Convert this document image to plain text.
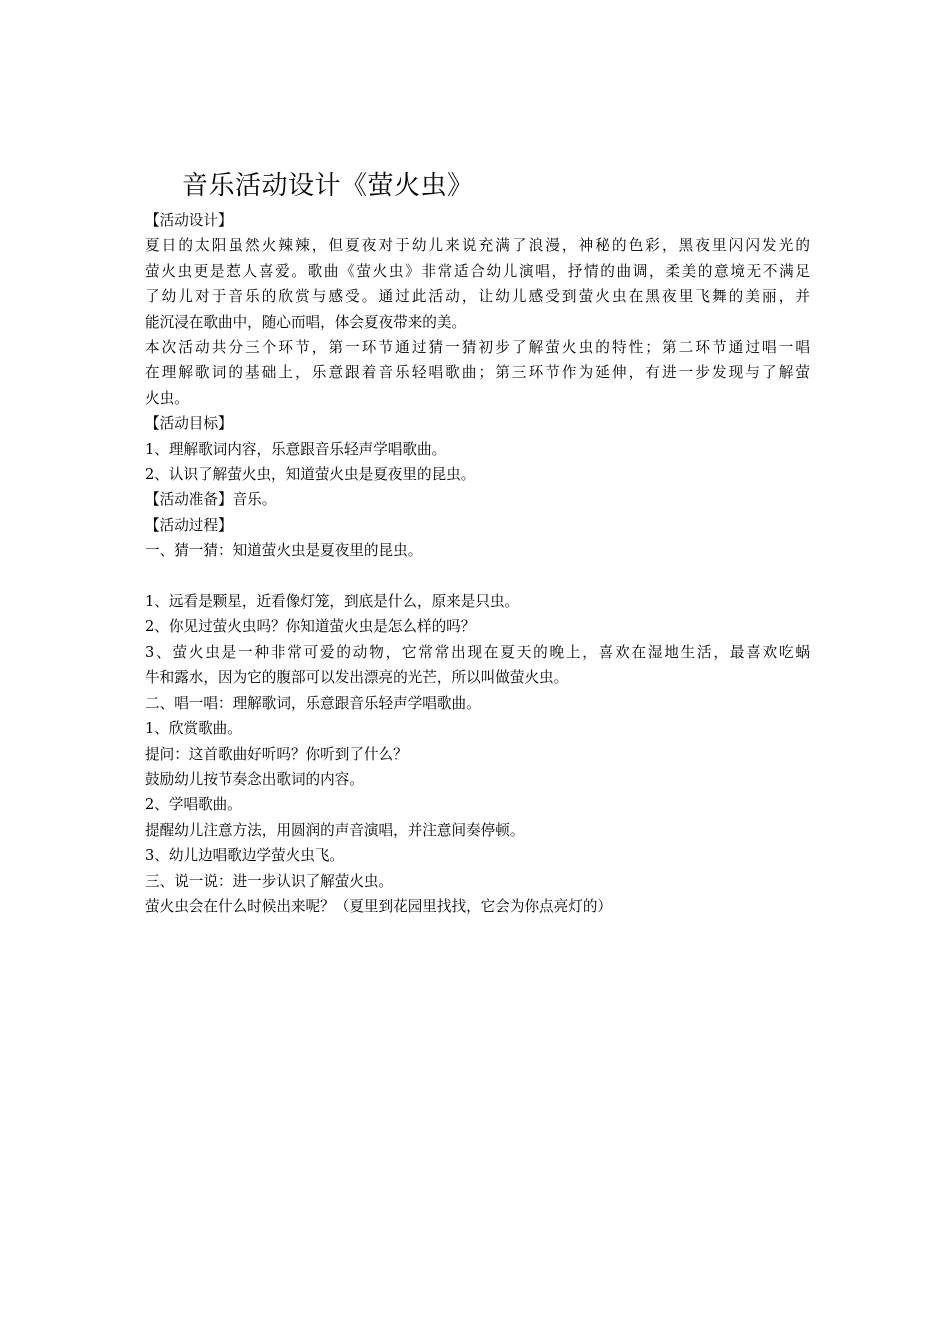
音乐活动设计《萤火虫》

【活动设计】

夏日的太阳虽然火辣辣，但夏夜对于幼儿来说充满了浪漫，神秘的色彩，黑夜里闪闪发光的

萤火虫更是惹人喜爱。歌曲《萤火虫》非常适合幼儿演唱，抒情的曲调，柔美的意境无不满足

了幼儿对于音乐的欣赏与感受。通过此活动，让幼儿感受到萤火虫在黑夜里飞舞的美丽，并

能沉浸在歌曲中，随心而唱，体会夏夜带来的美。

本次活动共分三个环节，第一环节通过猜一猜初步了解萤火虫的特性；第二环节通过唱一唱

在理解歌词的基础上，乐意跟着音乐轻唱歌曲；第三环节作为延伸，有进一步发现与了解萤

火虫。

【活动目标】

1、理解歌词内容，乐意跟音乐轻声学唱歌曲。

2、认识了解萤火虫，知道萤火虫是夏夜里的昆虫。

【活动准备】音乐。

【活动过程】

一、猜一猜：知道萤火虫是夏夜里的昆虫。

1、远看是颗星，近看像灯笼，到底是什么，原来是只虫。

2、你见过萤火虫吗？你知道萤火虫是怎么样的吗？

3、萤火虫是一种非常可爱的动物，它常常出现在夏天的晚上，喜欢在湿地生活，最喜欢吃蜗

牛和露水，因为它的腹部可以发出漂亮的光芒，所以叫做萤火虫。

二、唱一唱：理解歌词，乐意跟音乐轻声学唱歌曲。

1、欣赏歌曲。

提问：这首歌曲好听吗？你听到了什么？

鼓励幼儿按节奏念出歌词的内容。

2、学唱歌曲。

提醒幼儿注意方法，用圆润的声音演唱，并注意间奏停顿。

3、幼儿边唱歌边学萤火虫飞。

三、说一说：进一步认识了解萤火虫。

萤火虫会在什么时候出来呢？（夏里到花园里找找，它会为你点亮灯的）
